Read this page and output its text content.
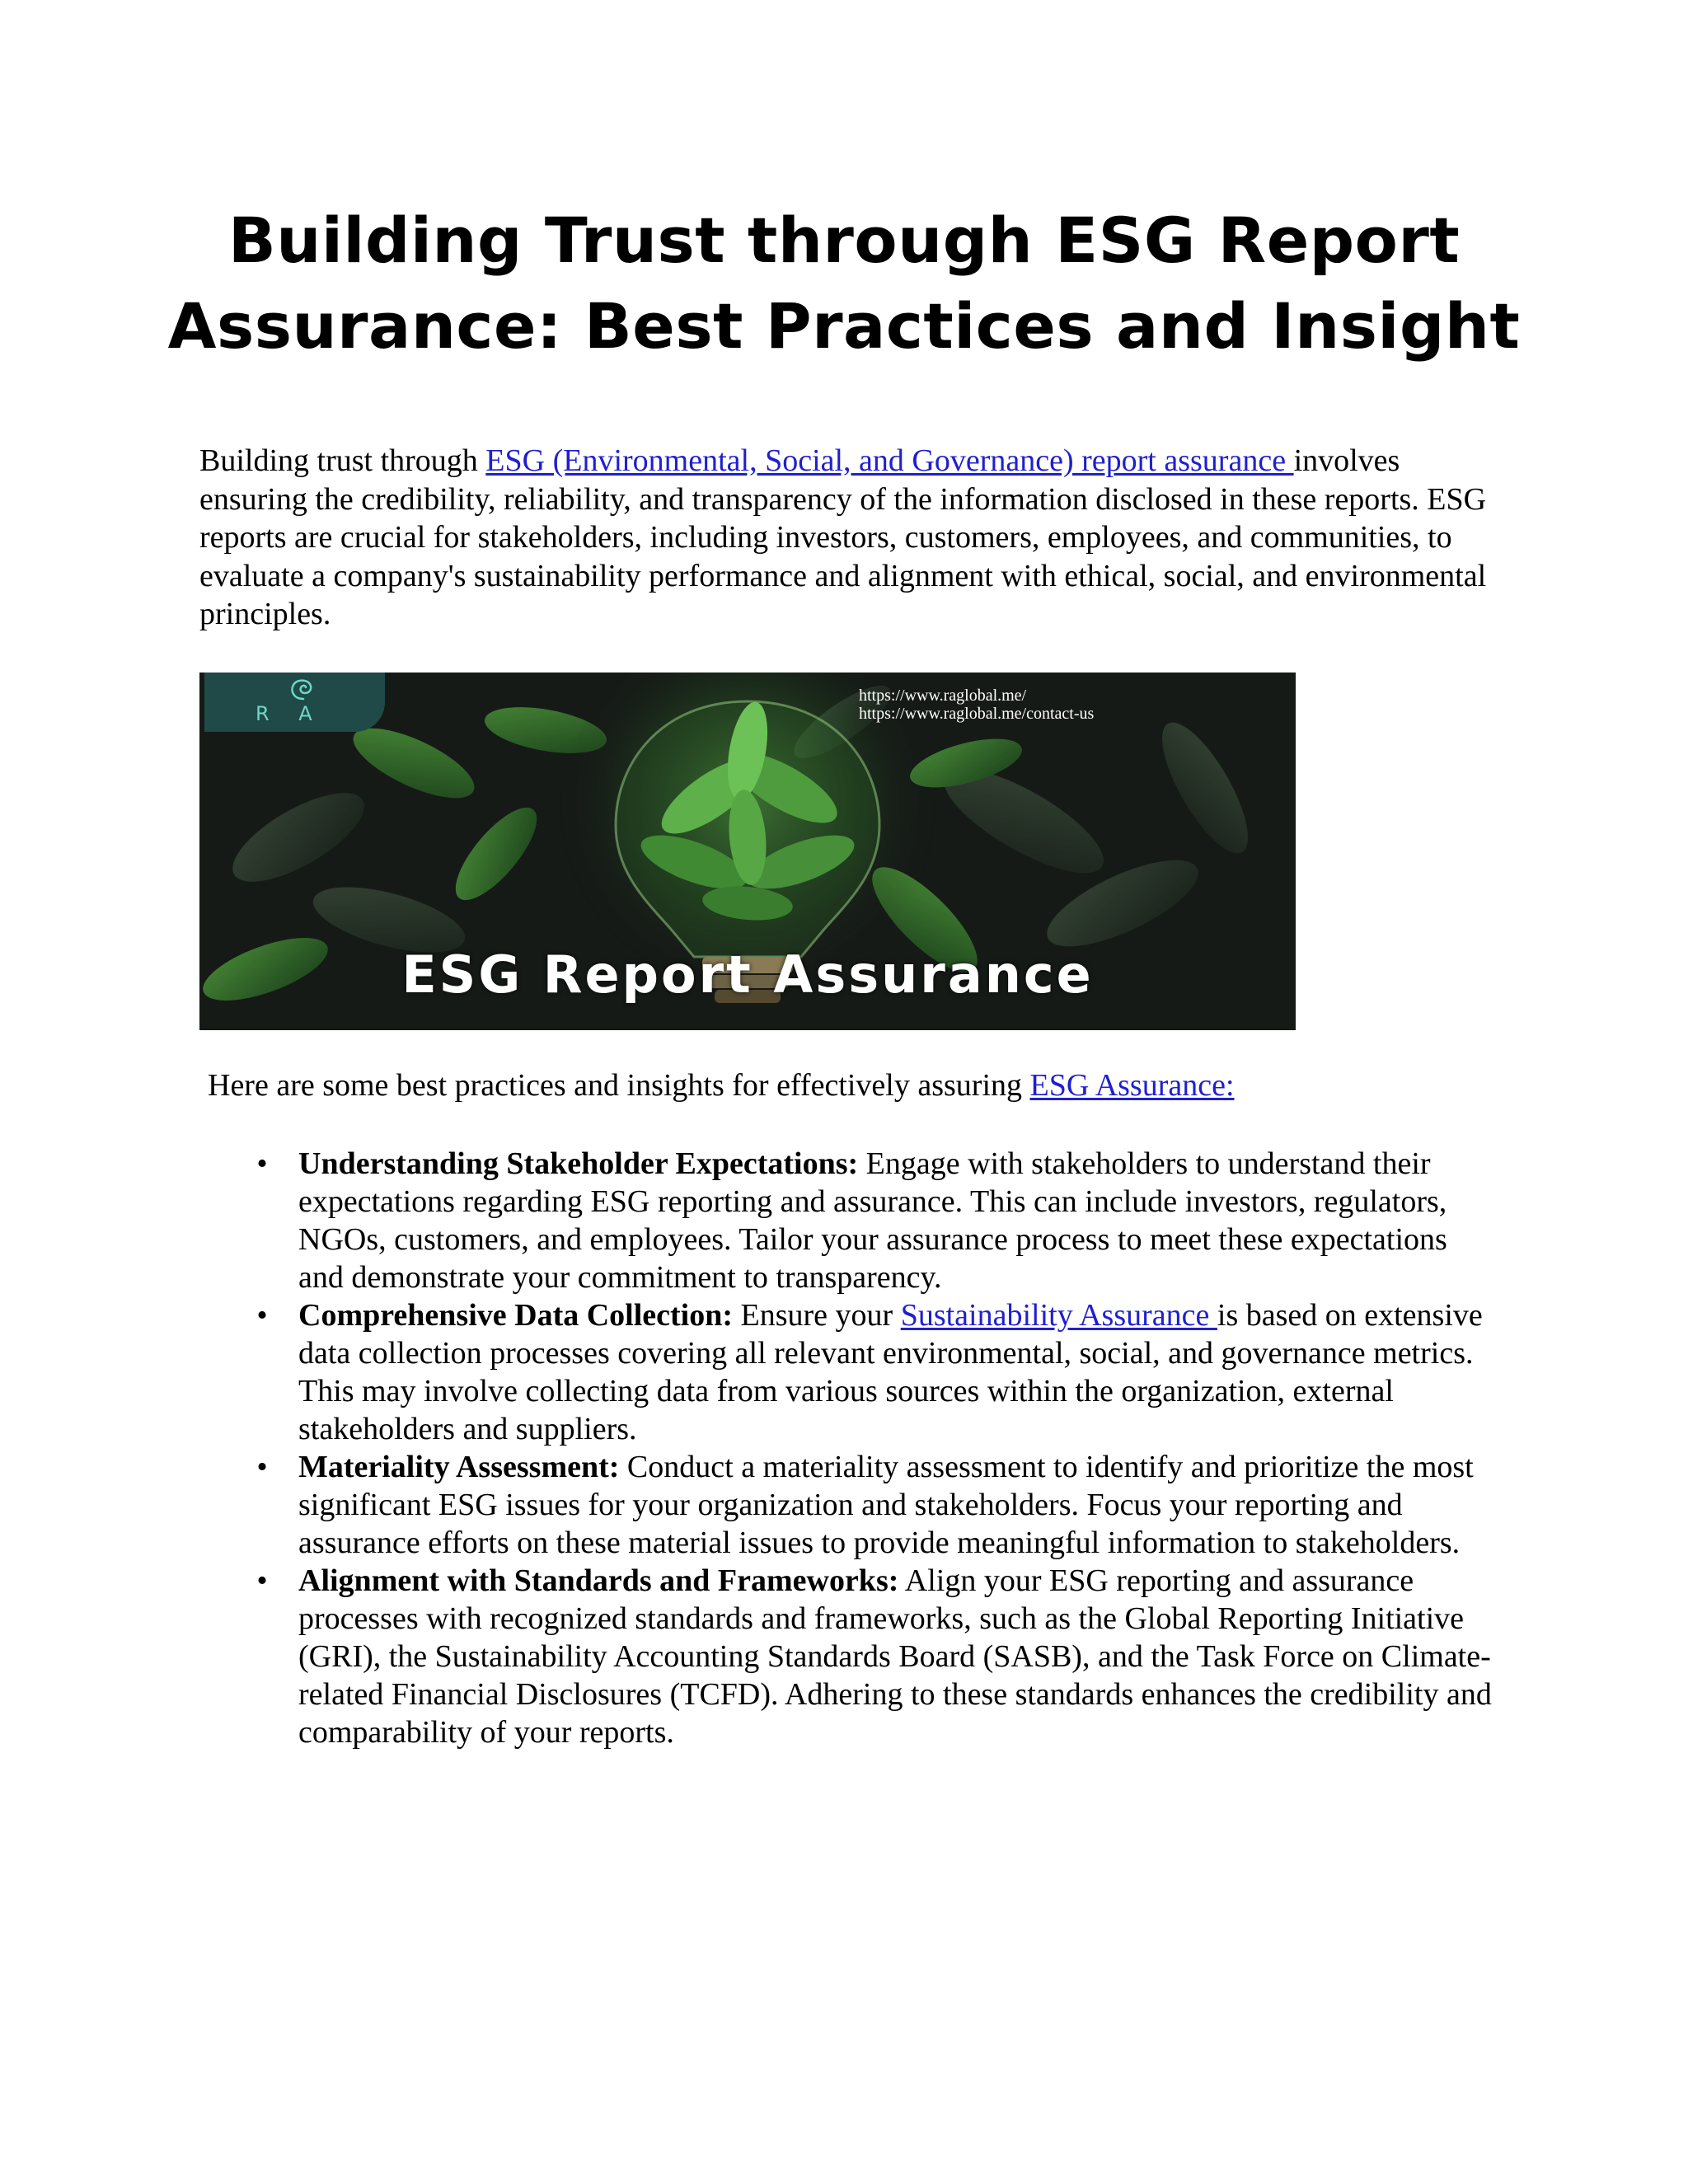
Building Trust through ESG Report Assurance: Best Practices and Insight

Building trust through ESG (Environmental, Social, and Governance) report assurance involves ensuring the credibility, reliability, and transparency of the information disclosed in these reports. ESG reports are crucial for stakeholders, including investors, customers, employees, and communities, to evaluate a company's sustainability performance and alignment with ethical, social, and environmental principles.

R A
https://www.raglobal.me/
https://www.raglobal.me/contact-us
ESG Report Assurance

Here are some best practices and insights for effectively assuring ESG Assurance:

• Understanding Stakeholder Expectations: Engage with stakeholders to understand their expectations regarding ESG reporting and assurance. This can include investors, regulators, NGOs, customers, and employees. Tailor your assurance process to meet these expectations and demonstrate your commitment to transparency.
• Comprehensive Data Collection: Ensure your Sustainability Assurance is based on extensive data collection processes covering all relevant environmental, social, and governance metrics. This may involve collecting data from various sources within the organization, external stakeholders and suppliers.
• Materiality Assessment: Conduct a materiality assessment to identify and prioritize the most significant ESG issues for your organization and stakeholders. Focus your reporting and assurance efforts on these material issues to provide meaningful information to stakeholders.
• Alignment with Standards and Frameworks: Align your ESG reporting and assurance processes with recognized standards and frameworks, such as the Global Reporting Initiative (GRI), the Sustainability Accounting Standards Board (SASB), and the Task Force on Climate-related Financial Disclosures (TCFD). Adhering to these standards enhances the credibility and comparability of your reports.
